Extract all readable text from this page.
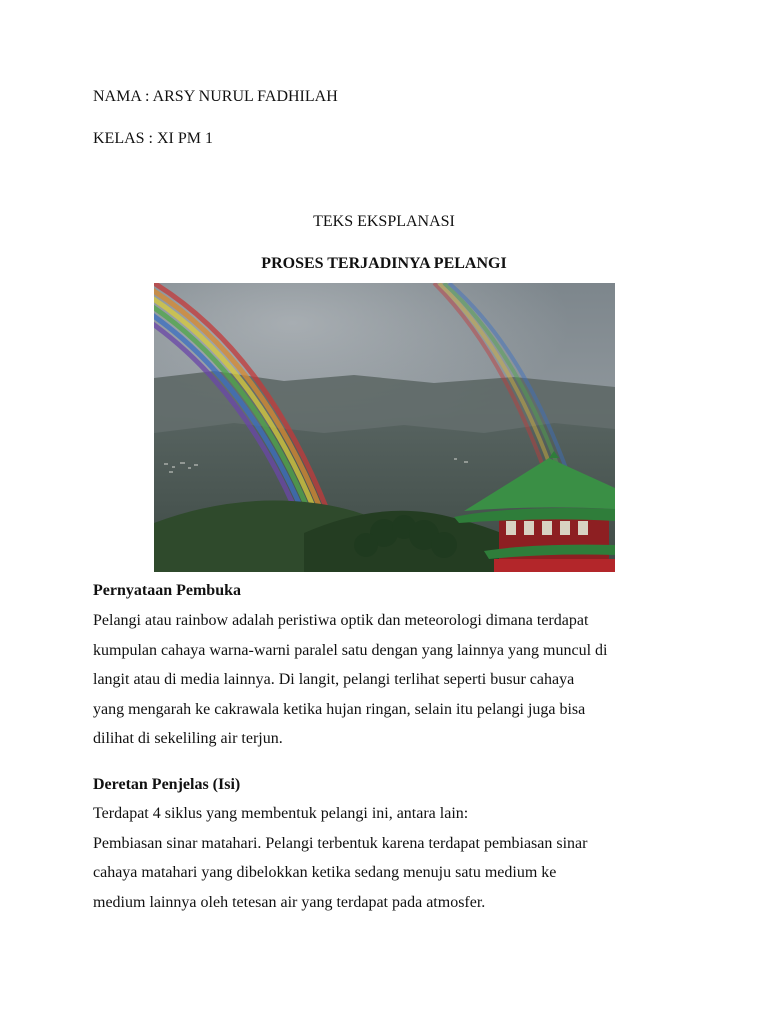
NAMA : ARSY NURUL FADHILAH
KELAS : XI PM 1
TEKS EKSPLANASI
PROSES TERJADINYA PELANGI
Pernyataan Pembuka
Pelangi atau rainbow adalah peristiwa optik dan meteorologi dimana terdapat
kumpulan cahaya warna-warni paralel satu dengan yang lainnya yang muncul di
langit atau di media lainnya. Di langit, pelangi terlihat seperti busur cahaya
yang mengarah ke cakrawala ketika hujan ringan, selain itu pelangi juga bisa
dilihat di sekeliling air terjun.
Deretan Penjelas (Isi)
Terdapat 4 siklus yang membentuk pelangi ini, antara lain:
Pembiasan sinar matahari. Pelangi terbentuk karena terdapat pembiasan sinar
cahaya matahari yang dibelokkan ketika sedang menuju satu medium ke
medium lainnya oleh tetesan air yang terdapat pada atmosfer.
